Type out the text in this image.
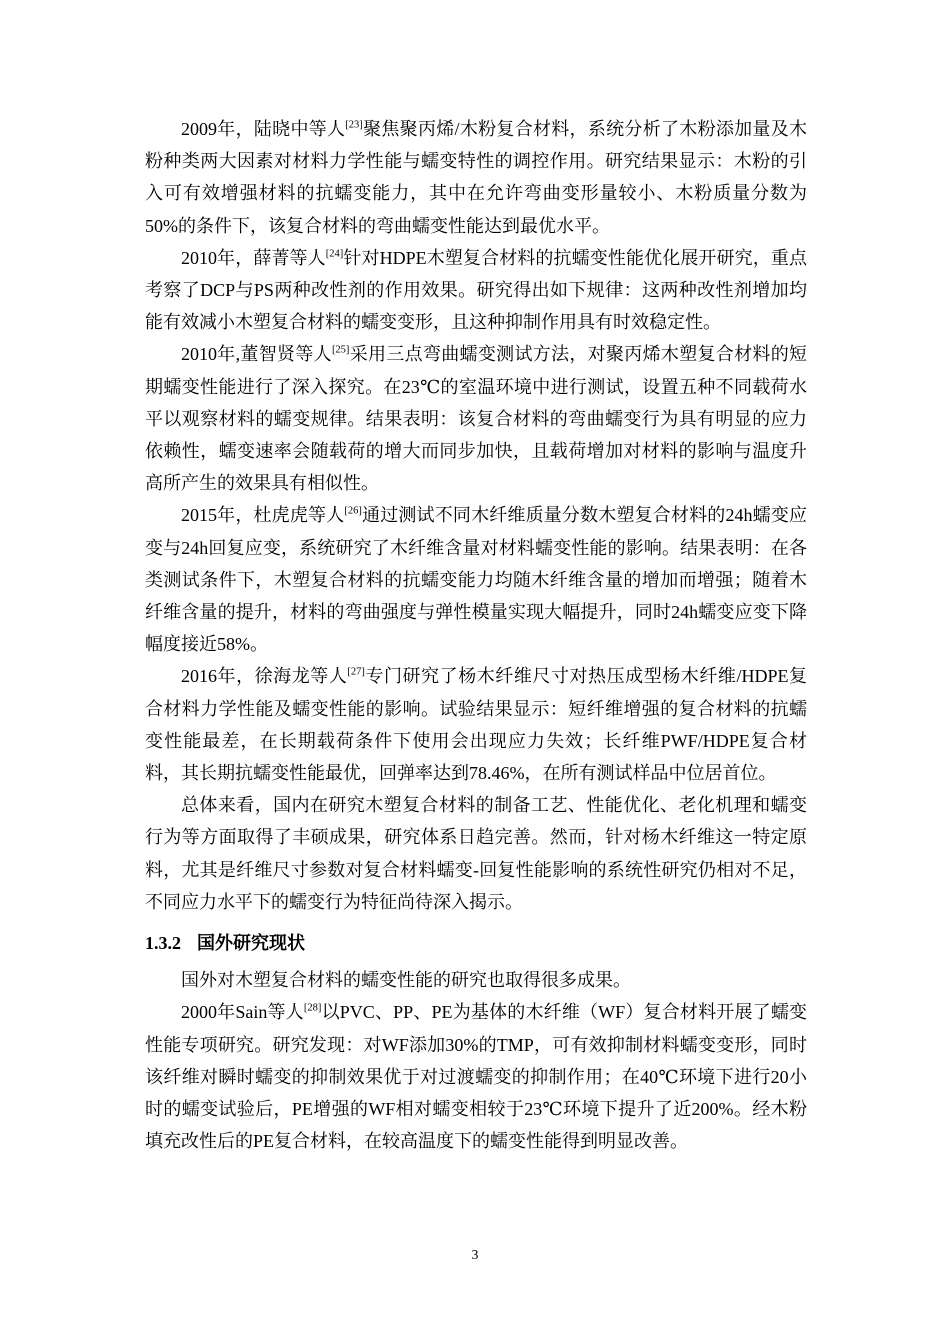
2009年，陆晓中等人[23]聚焦聚丙烯/木粉复合材料，系统分析了木粉添加量及木粉种类两大因素对材料力学性能与蠕变特性的调控作用。研究结果显示：木粉的引入可有效增强材料的抗蠕变能力，其中在允许弯曲变形量较小、木粉质量分数为50%的条件下，该复合材料的弯曲蠕变性能达到最优水平。

2010年，薛菁等人[24]针对HDPE木塑复合材料的抗蠕变性能优化展开研究，重点考察了DCP与PS两种改性剂的作用效果。研究得出如下规律：这两种改性剂增加均能有效减小木塑复合材料的蠕变变形，且这种抑制作用具有时效稳定性。

2010年,董智贤等人[25]采用三点弯曲蠕变测试方法，对聚丙烯木塑复合材料的短期蠕变性能进行了深入探究。在23℃的室温环境中进行测试，设置五种不同载荷水平以观察材料的蠕变规律。结果表明：该复合材料的弯曲蠕变行为具有明显的应力依赖性，蠕变速率会随载荷的增大而同步加快，且载荷增加对材料的影响与温度升高所产生的效果具有相似性。

2015年，杜虎虎等人[26]通过测试不同木纤维质量分数木塑复合材料的24h蠕变应变与24h回复应变，系统研究了木纤维含量对材料蠕变性能的影响。结果表明：在各类测试条件下，木塑复合材料的抗蠕变能力均随木纤维含量的增加而增强；随着木纤维含量的提升，材料的弯曲强度与弹性模量实现大幅提升，同时24h蠕变应变下降幅度接近58%。

2016年，徐海龙等人[27]专门研究了杨木纤维尺寸对热压成型杨木纤维/HDPE复合材料力学性能及蠕变性能的影响。试验结果显示：短纤维增强的复合材料的抗蠕变性能最差，在长期载荷条件下使用会出现应力失效；长纤维PWF/HDPE复合材料，其长期抗蠕变性能最优，回弹率达到78.46%，在所有测试样品中位居首位。

总体来看，国内在研究木塑复合材料的制备工艺、性能优化、老化机理和蠕变行为等方面取得了丰硕成果，研究体系日趋完善。然而，针对杨木纤维这一特定原料，尤其是纤维尺寸参数对复合材料蠕变-回复性能影响的系统性研究仍相对不足，不同应力水平下的蠕变行为特征尚待深入揭示。

1.3.2 国外研究现状

国外对木塑复合材料的蠕变性能的研究也取得很多成果。

2000年Sain等人[28]以PVC、PP、PE为基体的木纤维（WF）复合材料开展了蠕变性能专项研究。研究发现：对WF添加30%的TMP，可有效抑制材料蠕变变形，同时该纤维对瞬时蠕变的抑制效果优于对过渡蠕变的抑制作用；在40℃环境下进行20小时的蠕变试验后，PE增强的WF相对蠕变相较于23℃环境下提升了近200%。经木粉填充改性后的PE复合材料，在较高温度下的蠕变性能得到明显改善。

3
